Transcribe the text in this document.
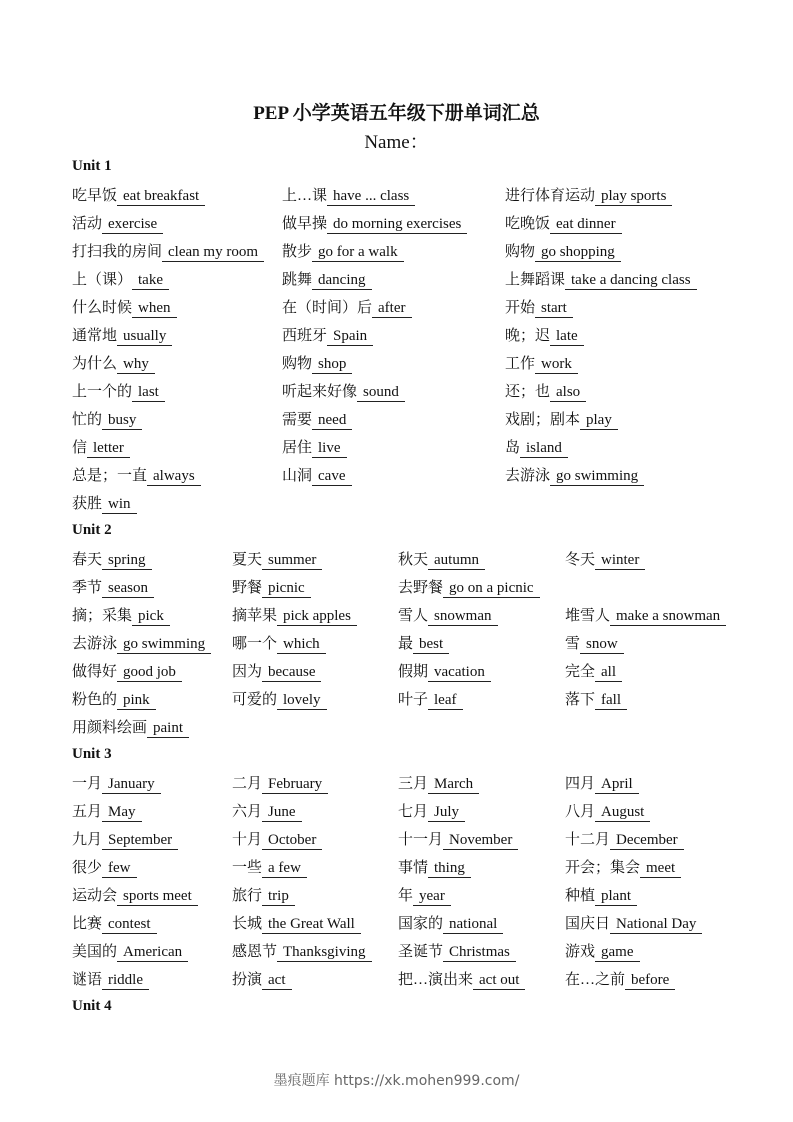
PEP 小学英语五年级下册单词汇总
Name：
Unit 1
吃早饭 eat breakfast	上…课 have ... class	进行体育运动 play sports
活动 exercise	做早操 do morning exercises	吃晚饭 eat dinner
打扫我的房间 clean my room	散步 go for a walk	购物 go shopping
上（课） take	跳舞 dancing	上舞蹈课 take a dancing class
什么时候 when	在（时间）后 after	开始 start
通常地 usually	西班牙 Spain	晚；迟 late
为什么 why	购物 shop	工作 work
上一个的 last	听起来好像 sound	还；也 also
忙的 busy	需要 need	戏剧；剧本 play
信 letter	居住 live	岛 island
总是；一直 always	山洞 cave	去游泳 go swimming
获胜 win
Unit 2
春天 spring	夏天 summer	秋天 autumn	冬天 winter
季节 season	野餐 picnic	去野餐 go on a picnic
摘；采集 pick	摘苹果 pick apples	雪人 snowman	堆雪人 make a snowman
去游泳 go swimming	哪一个 which	最 best	雪 snow
做得好 good job	因为 because	假期 vacation	完全 all
粉色的 pink	可爱的 lovely	叶子 leaf	落下 fall
用颜料绘画 paint
Unit 3
一月 January	二月 February	三月 March	四月 April
五月 May	六月 June	七月 July	八月 August
九月 September	十月 October	十一月 November	十二月 December
很少 few	一些 a few	事情 thing	开会；集会 meet
运动会 sports meet	旅行 trip	年 year	种植 plant
比赛 contest	长城 the Great Wall	国家的 national	国庆日 National Day
美国的 American	感恩节 Thanksgiving	圣诞节 Christmas	游戏 game
谜语 riddle	扮演 act	把…演出来 act out	在…之前 before
Unit 4
墨痕题库 https://xk.mohen999.com/
